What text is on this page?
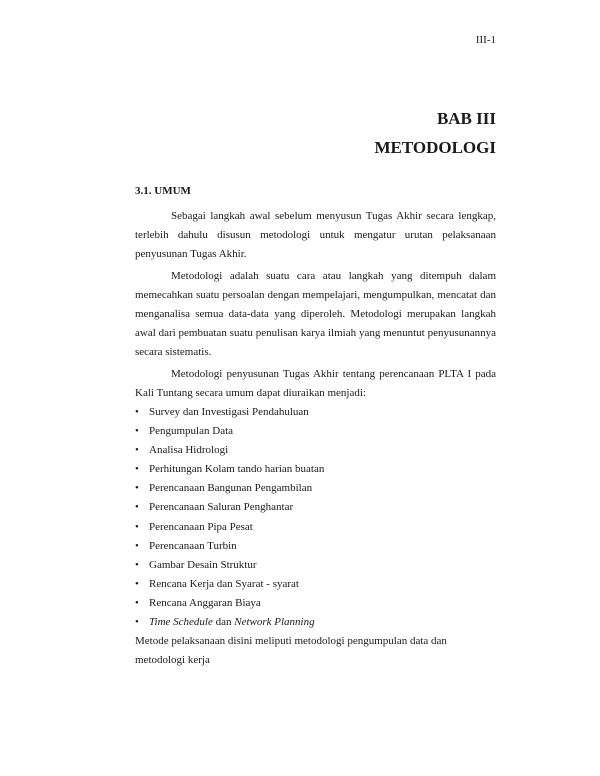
III-1
BAB III
METODOLOGI
3.1. UMUM

Sebagai langkah awal sebelum menyusun Tugas Akhir secara lengkap, terlebih dahulu disusun metodologi untuk mengatur urutan pelaksanaan penyusunan Tugas Akhir.

Metodologi adalah suatu cara atau langkah yang ditempuh dalam memecahkan suatu persoalan dengan mempelajari, mengumpulkan, mencatat dan menganalisa semua data-data yang diperoleh. Metodologi merupakan langkah awal dari pembuatan suatu penulisan karya ilmiah yang menuntut penyusunannya secara sistematis.

Metodologi penyusunan Tugas Akhir tentang perencanaan PLTA I pada Kali Tuntang secara umum dapat diuraikan menjadi:

• Survey dan Investigasi Pendahuluan
• Pengumpulan Data
• Analisa Hidrologi
• Perhitungan Kolam tando harian buatan
• Perencanaan Bangunan Pengambilan
• Perencanaan Saluran Penghantar
• Perencanaan Pipa Pesat
• Perencanaan Turbin
• Gambar Desain Struktur
• Rencana Kerja dan Syarat - syarat
• Rencana Anggaran Biaya
• Time Schedule dan Network Planning

Metode pelaksanaan disini meliputi metodologi pengumpulan data dan metodologi kerja
